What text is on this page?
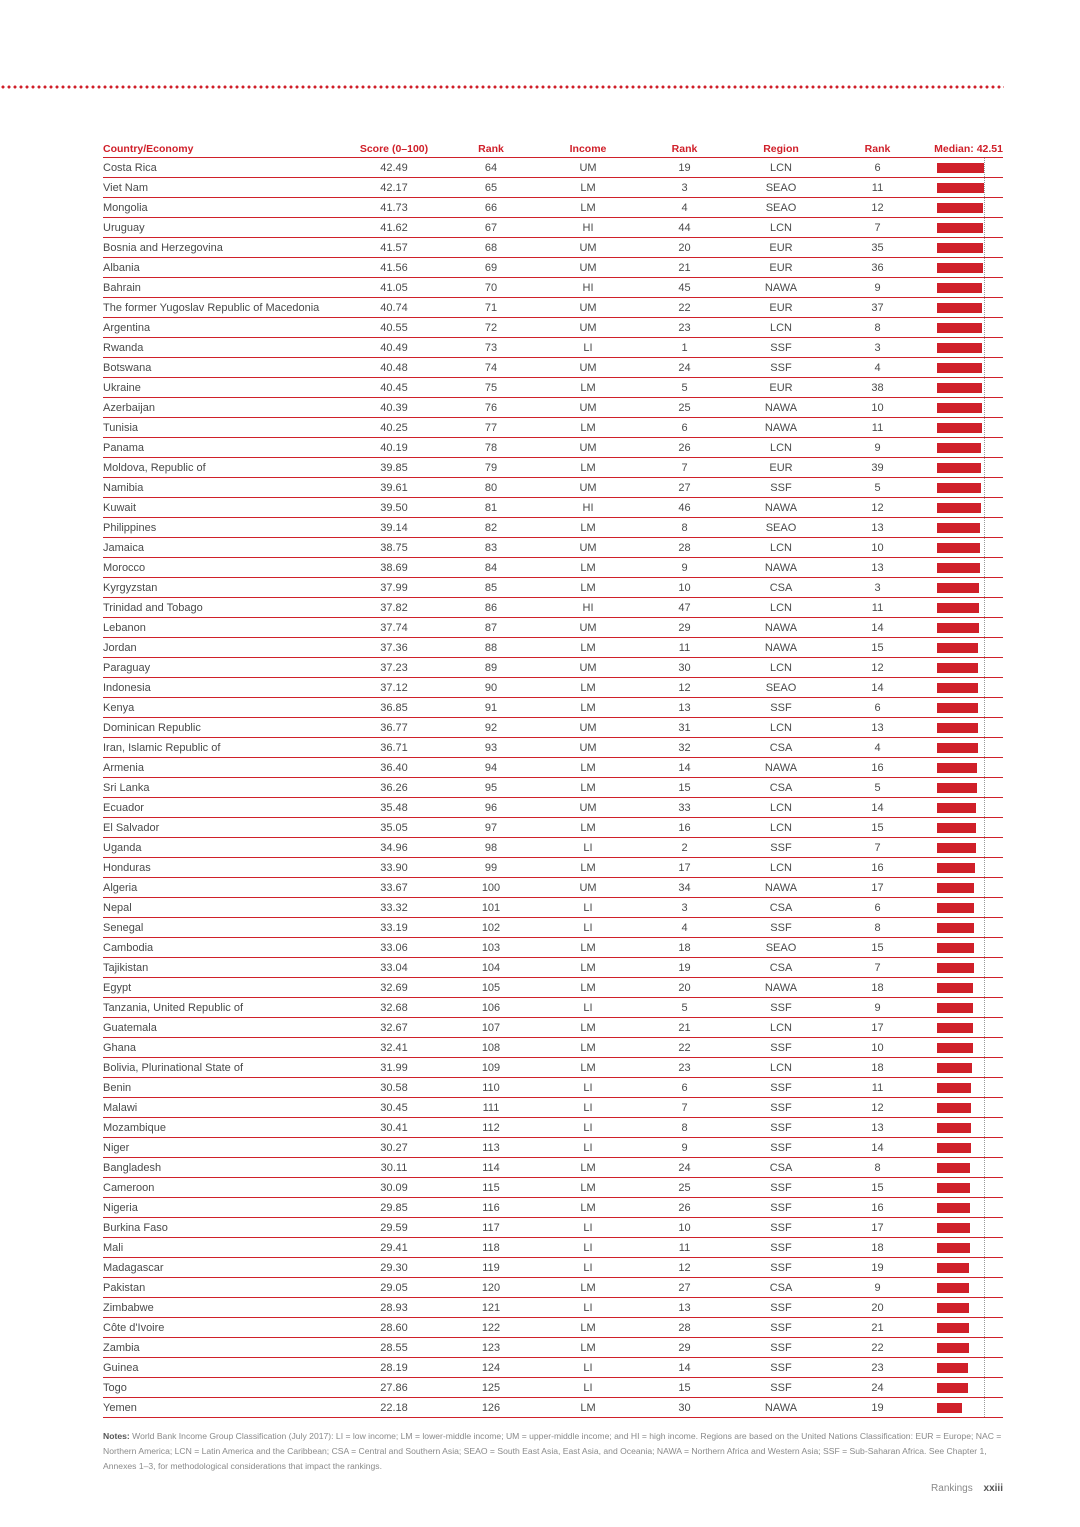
Country/Economy	Score (0–100)	Rank	Income	Rank	Region	Rank	Median: 42.51
Costa Rica	42.49	64	UM	19	LCN	6	

Viet Nam	42.17	65	LM	3	SEAO	11	

Mongolia	41.73	66	LM	4	SEAO	12	

Uruguay	41.62	67	HI	44	LCN	7	

Bosnia and Herzegovina	41.57	68	UM	20	EUR	35	

Albania	41.56	69	UM	21	EUR	36	

Bahrain	41.05	70	HI	45	NAWA	9	

The former Yugoslav Republic of Macedonia	40.74	71	UM	22	EUR	37	

Argentina	40.55	72	UM	23	LCN	8	

Rwanda	40.49	73	LI	1	SSF	3	

Botswana	40.48	74	UM	24	SSF	4	

Ukraine	40.45	75	LM	5	EUR	38	

Azerbaijan	40.39	76	UM	25	NAWA	10	

Tunisia	40.25	77	LM	6	NAWA	11	

Panama	40.19	78	UM	26	LCN	9	

Moldova, Republic of	39.85	79	LM	7	EUR	39	

Namibia	39.61	80	UM	27	SSF	5	

Kuwait	39.50	81	HI	46	NAWA	12	

Philippines	39.14	82	LM	8	SEAO	13	

Jamaica	38.75	83	UM	28	LCN	10	

Morocco	38.69	84	LM	9	NAWA	13	

Kyrgyzstan	37.99	85	LM	10	CSA	3	

Trinidad and Tobago	37.82	86	HI	47	LCN	11	

Lebanon	37.74	87	UM	29	NAWA	14	

Jordan	37.36	88	LM	11	NAWA	15	

Paraguay	37.23	89	UM	30	LCN	12	

Indonesia	37.12	90	LM	12	SEAO	14	

Kenya	36.85	91	LM	13	SSF	6	

Dominican Republic	36.77	92	UM	31	LCN	13	

Iran, Islamic Republic of	36.71	93	UM	32	CSA	4	

Armenia	36.40	94	LM	14	NAWA	16	

Sri Lanka	36.26	95	LM	15	CSA	5	

Ecuador	35.48	96	UM	33	LCN	14	

El Salvador	35.05	97	LM	16	LCN	15	

Uganda	34.96	98	LI	2	SSF	7	

Honduras	33.90	99	LM	17	LCN	16	

Algeria	33.67	100	UM	34	NAWA	17	

Nepal	33.32	101	LI	3	CSA	6	

Senegal	33.19	102	LI	4	SSF	8	

Cambodia	33.06	103	LM	18	SEAO	15	

Tajikistan	33.04	104	LM	19	CSA	7	

Egypt	32.69	105	LM	20	NAWA	18	

Tanzania, United Republic of	32.68	106	LI	5	SSF	9	

Guatemala	32.67	107	LM	21	LCN	17	

Ghana	32.41	108	LM	22	SSF	10	

Bolivia, Plurinational State of	31.99	109	LM	23	LCN	18	

Benin	30.58	110	LI	6	SSF	11	

Malawi	30.45	111	LI	7	SSF	12	

Mozambique	30.41	112	LI	8	SSF	13	

Niger	30.27	113	LI	9	SSF	14	

Bangladesh	30.11	114	LM	24	CSA	8	

Cameroon	30.09	115	LM	25	SSF	15	

Nigeria	29.85	116	LM	26	SSF	16	

Burkina Faso	29.59	117	LI	10	SSF	17	

Mali	29.41	118	LI	11	SSF	18	

Madagascar	29.30	119	LI	12	SSF	19	

Pakistan	29.05	120	LM	27	CSA	9	

Zimbabwe	28.93	121	LI	13	SSF	20	

Côte d'Ivoire	28.60	122	LM	28	SSF	21	

Zambia	28.55	123	LM	29	SSF	22	

Guinea	28.19	124	LI	14	SSF	23	

Togo	27.86	125	LI	15	SSF	24	

Yemen	22.18	126	LM	30	NAWA	19	
Notes: World Bank Income Group Classification (July 2017): LI = low income; LM = lower-middle income; UM = upper-middle income; and HI = high income. Regions are based on the United Nations Classification: EUR = Europe; NAC = Northern America; LCN = Latin America and the Caribbean; CSA = Central and Southern Asia; SEAO = South East Asia, East Asia, and Oceania; NAWA = Northern Africa and Western Asia; SSF = Sub-Saharan Africa. See Chapter 1, Annexes 1–3, for methodological considerations that impact the rankings.
Rankings xxiii
